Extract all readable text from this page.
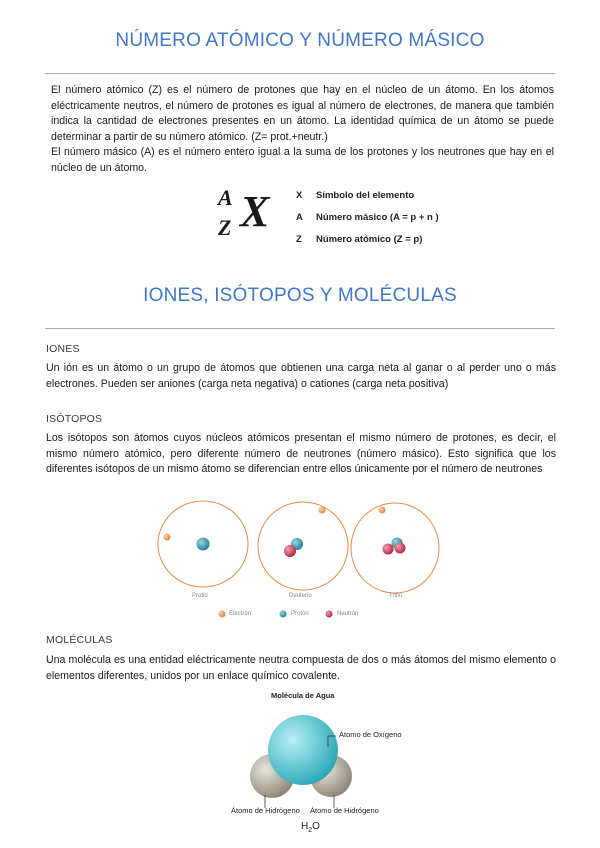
NÚMERO ATÓMICO Y NÚMERO MÁSICO

El número atómico (Z) es el número de protones que hay en el núcleo de un átomo. En los átomos eléctricamente neutros, el número de protones es igual al número de electrones, de manera que también indica la cantidad de electrones presentes en un átomo. La identidad química de un átomo se puede determinar a partir de su número atómico. (Z= prot.+neutr.)

El número másico (A) es el número entero igual a la suma de los protones y los neutrones que hay en el núcleo de un átomo.

A
Z X	X Símbolo del elemento
A Número másico (A = p + n )
Z Número atómico (Z = p)
IONES, ISÓTOPOS Y MOLÉCULAS
IONES
Un ión es un átomo o un grupo de átomos que obtienen una carga neta al ganar o al perder uno o más electrones. Pueden ser aniones (carga neta negativa) o cationes (carga neta positiva)
ISÓTOPOS
Los isótopos son átomos cuyos núcleos atómicos presentan el mismo número de protones, es decir, el mismo número atómico, pero diferente número de neutrones (número másico). Esto significa que los diferentes isótopos de un mismo átomo se diferencian entre ellos únicamente por el número de neutrones
Protio	Deuterio	Tritio
Electrón	Protón	Neutrón
MOLÉCULAS
Una molécula es una entidad eléctricamente neutra compuesta de dos o más átomos del mismo elemento o elementos diferentes, unidos por un enlace químico covalente.
Molécula de Agua
Átomo de Oxígeno
Átomo de Hidrógeno Átomo de Hidrógeno
$H_2O$
